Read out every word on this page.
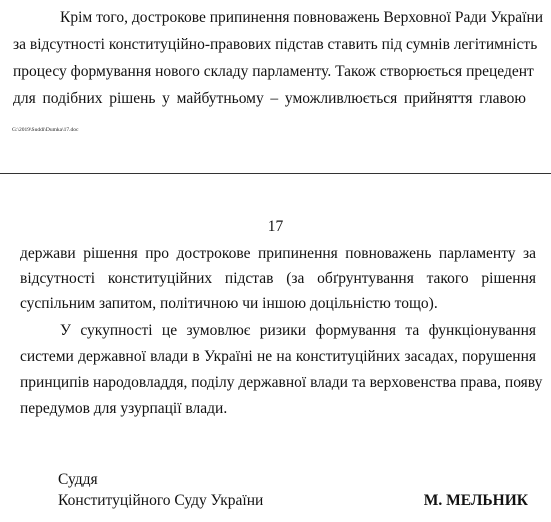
Крім того, дострокове припинення повноважень Верховної Ради України
за відсутності конституційно-правових підстав ставить під сумнів легітимність
процесу формування нового складу парламенту. Також створюється прецедент
для подібних рішень у майбутньому – уможливлюється прийняття главою
G:\2019\Suddi\Dumka\17.doc
17
держави рішення про дострокове припинення повноважень парламенту за
відсутності конституційних підстав (за обґрунтування такого рішення
суспільним запитом, політичною чи іншою доцільністю тощо).
У сукупності це зумовлює ризики формування та функціонування
системи державної влади в Україні не на конституційних засадах, порушення
принципів народовладдя, поділу державної влади та верховенства права, появу
передумов для узурпації влади.
Суддя
Конституційного Суду України	М. МЕЛЬНИК
